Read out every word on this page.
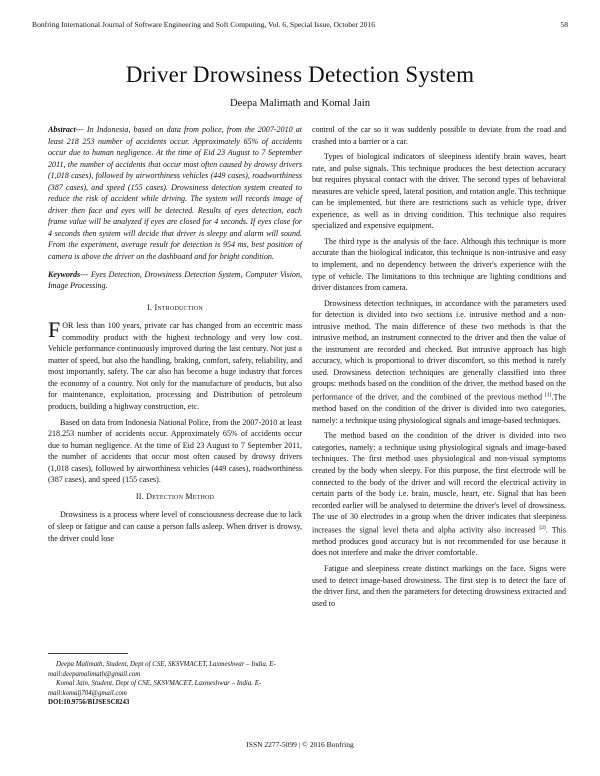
Bonfring International Journal of Software Engineering and Soft Computing, Vol. 6, Special Issue, October 2016	58
Driver Drowsiness Detection System
Deepa Malimath and Komal Jain

Abstract--- In Indonesia, based on data from police, from the 2007-2010 at least 218 253 number of accidents occur. Approximately 65% of accidents occur due to human negligence. At the time of Eid 23 August to 7 September 2011, the number of accidents that occur most often caused by drowsy drivers (1,018 cases), followed by airworthiness vehicles (449 cases), roadworthiness (387 cases), and speed (155 cases). Drowsiness detection system created to reduce the risk of accident while driving. The system will records image of driver then face and eyes will be detected. Results of eyes detection, each frame value will be analyzed if eyes are closed for 4 seconds. If eyes close for 4 seconds then system will decide that driver is sleepy and alarm will sound. From the experiment, average result for detection is 954 ms, best position of camera is above the driver on the dashboard and for bright condition.

Keywords--- Eyes Detection, Drowsiness Detection System, Computer Vision, Image Processing.

I. Introduction

FOR less than 100 years, private car has changed from an eccentric mass commodity product with the highest technology and very low cost. Vehicle performance continuously improved during the last century. Not just a matter of speed, but also the handling, braking, comfort, safety, reliability, and most importantly, safety. The car also has become a huge industry that forces the economy of a country. Not only for the manufacture of products, but also for maintenance, exploitation, processing and Distribution of petroleum products, building a highway construction, etc.

Based on data from Indonesia National Police, from the 2007-2010 at least 218.253 number of accidents occur. Approximately 65% of accidents occur due to human negligence. At the time of Eid 23 August to 7 September 2011, the number of accidents that occur most often caused by drowsy drivers (1,018 cases), followed by airworthiness vehicles (449 cases), roadworthiness (387 cases), and speed (155 cases).

II. Detection Method

Drowsiness is a process where level of consciousness decrease due to lack of sleep or fatigue and can cause a person falls asleep. When driver is drowsy, the driver could lose

control of the car so it was suddenly possible to deviate from the road and crashed into a barrier or a car.

Types of biological indicators of sleepiness identify brain waves, heart rate, and pulse signals. This technique produces the best detection accuracy but requires physical contact with the driver. The second types of behavioral measures are vehicle speed, lateral position, and rotation angle. This technique can be implemented, but there are restrictions such as vehicle type, driver experience, as well as in driving condition. This technique also requires specialized and expensive equipment.

The third type is the analysis of the face. Although this technique is more accurate than the biological indicator, this technique is non-intrusive and easy to implement, and no dependency between the driver's experience with the type of vehicle. The limitations to this technique are lighting conditions and driver distances from camera.

Drowsiness detection techniques, in accordance with the parameters used for detection is divided into two sections i.e. intrusive method and a non-intrusive method. The main difference of these two methods is that the intrusive method, an instrument connected to the driver and then the value of the instrument are recorded and checked. But intrusive approach has high accuracy, which is proportional to driver discomfort, so this method is rarely used. Drowsiness detection techniques are generally classified into three groups: methods based on the condition of the driver, the method based on the performance of the driver, and the combined of the previous method [1].The method based on the condition of the driver is divided into two categories, namely: a technique using physiological signals and image-based techniques.

The method based on the condition of the driver is divided into two categories, namely: a technique using physiological signals and image-based techniques. The first method uses physiological and non-visual symptoms created by the body when sleepy. For this purpose, the first electrode will be connected to the body of the driver and will record the electrical activity in certain parts of the body i.e. brain, muscle, heart, etc. Signal that has been recorded earlier will be analysed to determine the driver's level of drowsiness. The use of 30 electrodes in a group when the driver indicates that sleepiness increases the signal level theta and alpha activity also increased [2]. This method produces good accuracy but is not recommended for use because it does not interfere and make the driver comfortable.

Fatigue and sleepiness create distinct markings on the face. Signs were used to detect image-based drowsiness. The first step is to detect the face of the driver first, and then the parameters for detecting drowsiness extracted and used to

Deepa Malimath, Student, Dept of CSE, SKSVMACET, Laxmeshwar – India. E-mail:deepamalimath@gmail.com

Komal Jain, Student, Dept of CSE, SKSVMACET, Laxmeshwar – India. E-mail:komalj704@gmail.com

DOI:10.9756/BIJSESC8243

ISSN 2277-5099 | © 2016 Bonfring
